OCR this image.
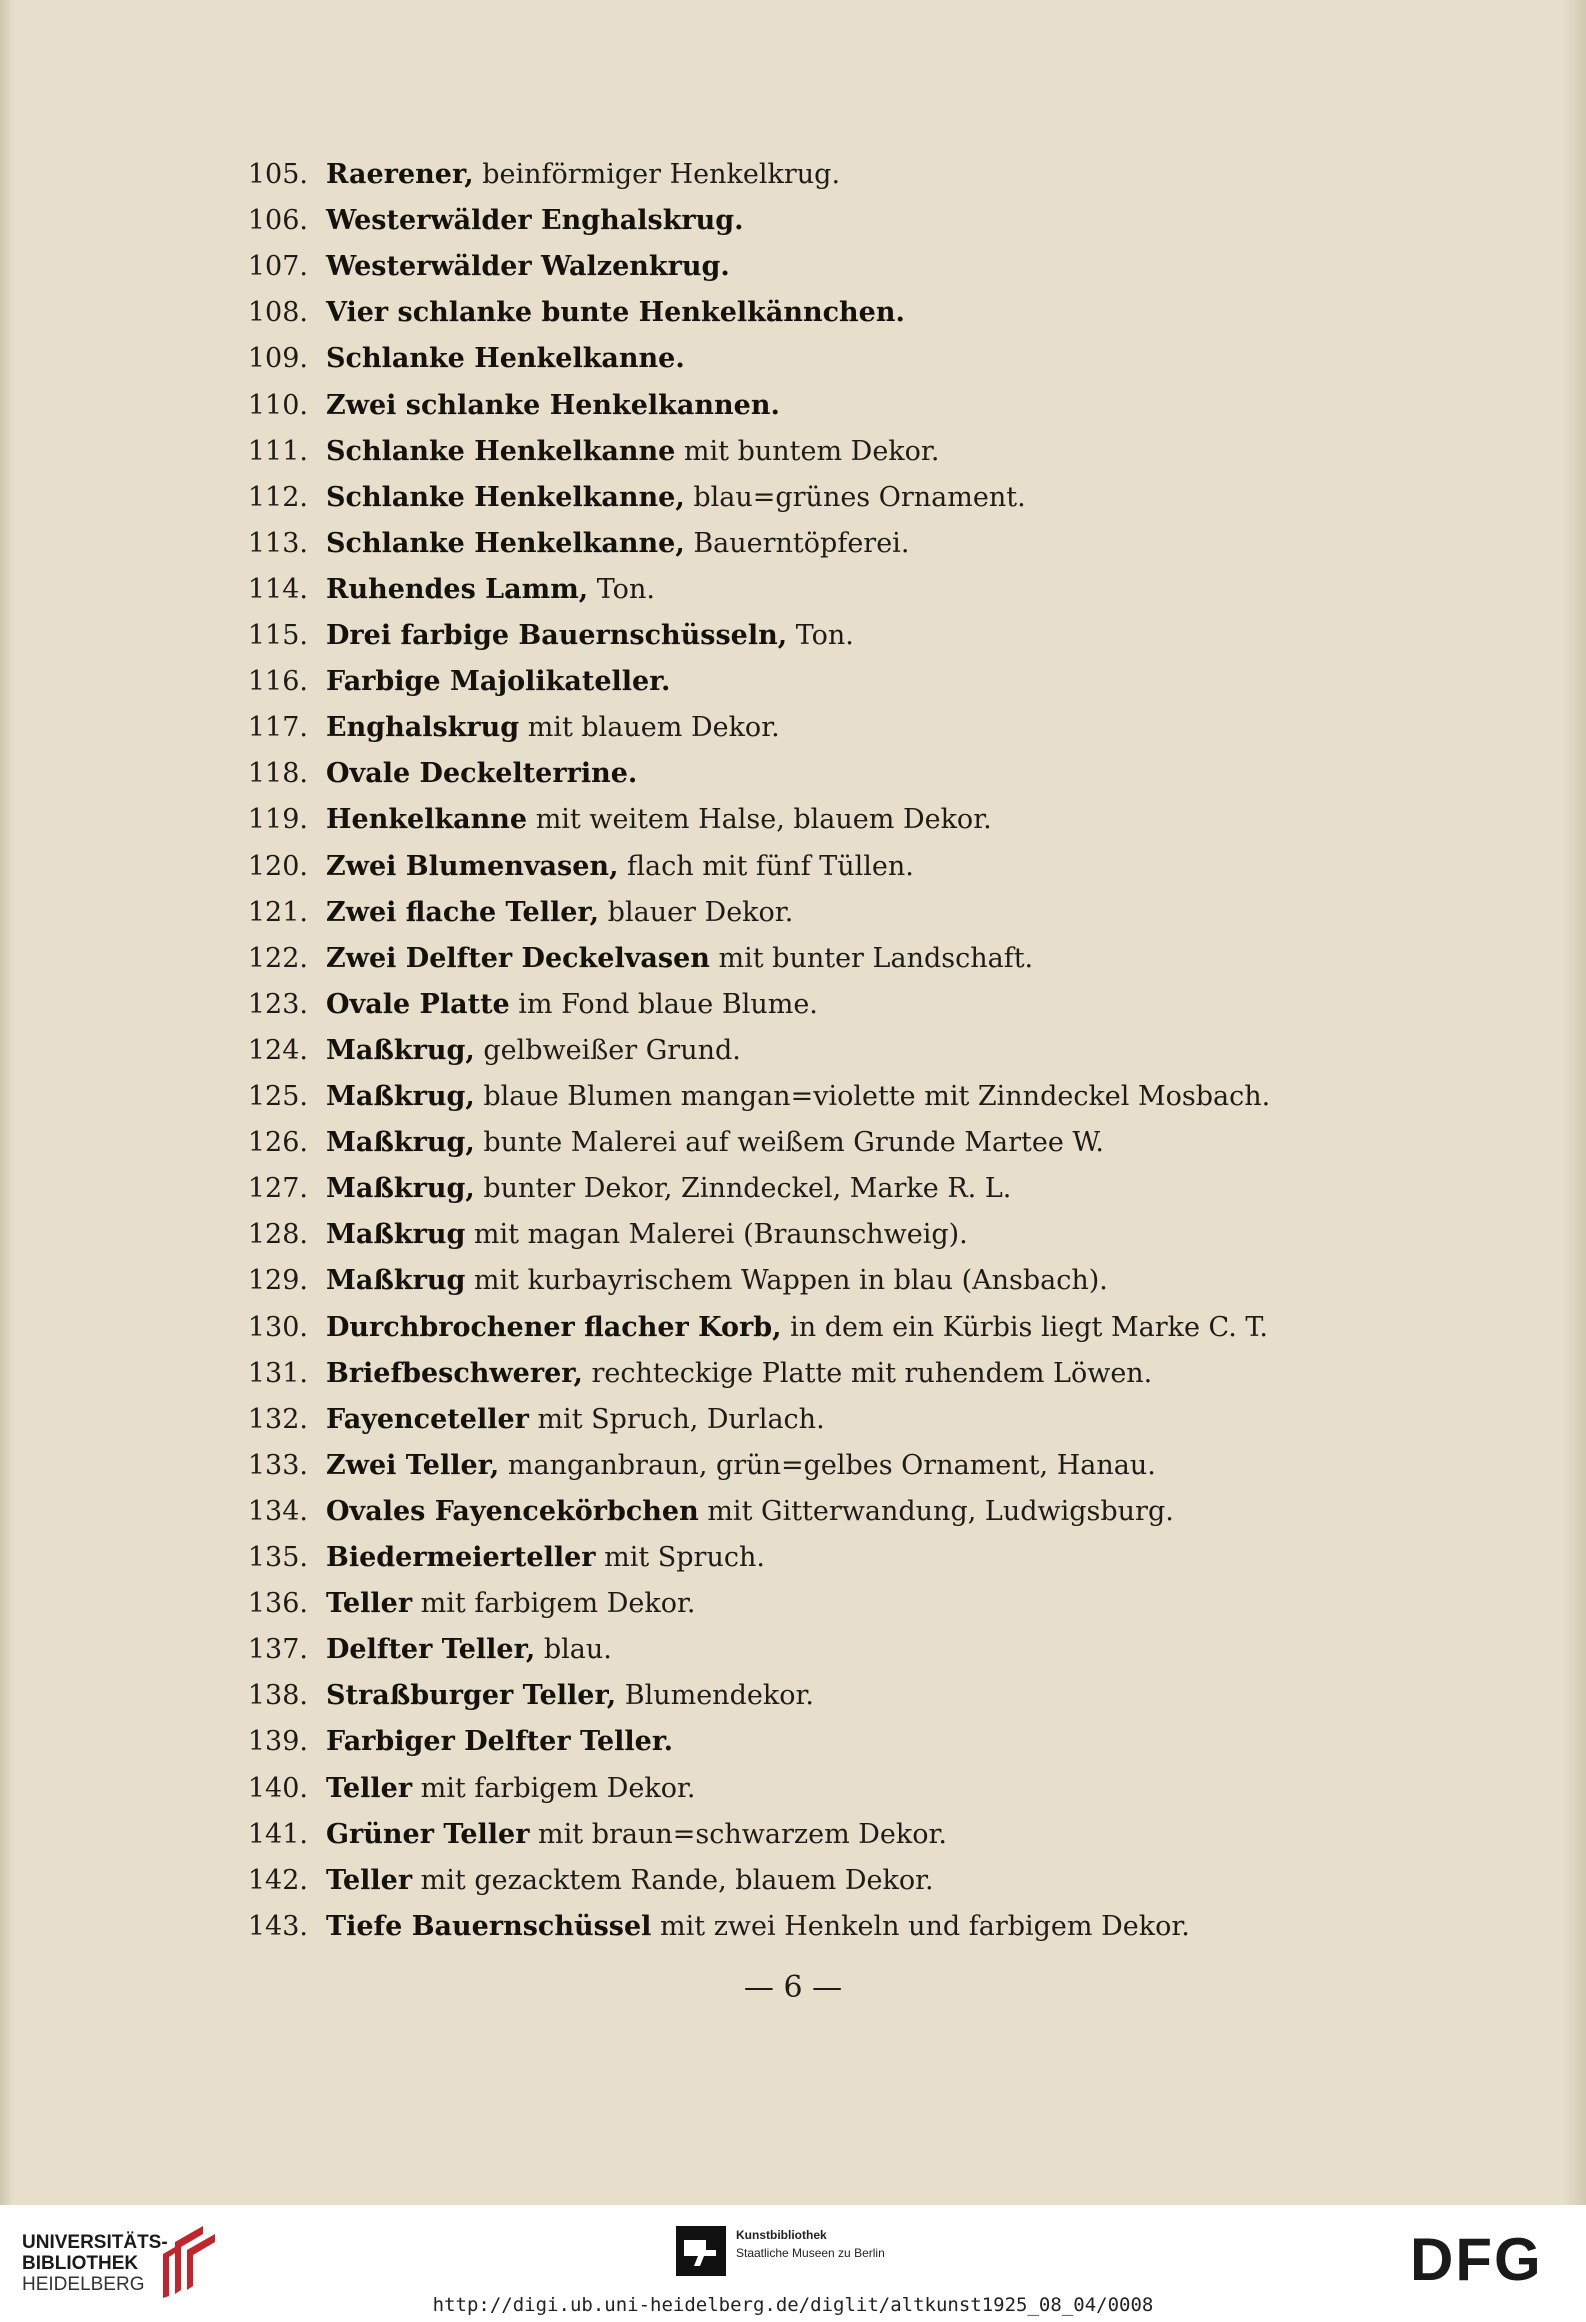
105. Raerener, beinförmiger Henkelkrug.
106. Westerwälder Enghalskrug.
107. Westerwälder Walzenkrug.
108. Vier schlanke bunte Henkelkännchen.
109. Schlanke Henkelkanne.
110. Zwei schlanke Henkelkannen.
111. Schlanke Henkelkanne mit buntem Dekor.
112. Schlanke Henkelkanne, blau=grünes Ornament.
113. Schlanke Henkelkanne, Bauerntöpferei.
114. Ruhendes Lamm, Ton.
115. Drei farbige Bauernschüsseln, Ton.
116. Farbige Majolikateller.
117. Enghalskrug mit blauem Dekor.
118. Ovale Deckelterrine.
119. Henkelkanne mit weitem Halse, blauem Dekor.
120. Zwei Blumenvasen, flach mit fünf Tüllen.
121. Zwei flache Teller, blauer Dekor.
122. Zwei Delfter Deckelvasen mit bunter Landschaft.
123. Ovale Platte im Fond blaue Blume.
124. Maßkrug, gelbweißer Grund.
125. Maßkrug, blaue Blumen mangan=violette mit Zinndeckel Mosbach.
126. Maßkrug, bunte Malerei auf weißem Grunde Martee W.
127. Maßkrug, bunter Dekor, Zinndeckel, Marke R. L.
128. Maßkrug mit magan Malerei (Braunschweig).
129. Maßkrug mit kurbayrischem Wappen in blau (Ansbach).
130. Durchbrochener flacher Korb, in dem ein Kürbis liegt Marke C. T.
131. Briefbeschwerer, rechteckige Platte mit ruhendem Löwen.
132. Fayenceteller mit Spruch, Durlach.
133. Zwei Teller, manganbraun, grün=gelbes Ornament, Hanau.
134. Ovales Fayencekörbchen mit Gitterwandung, Ludwigsburg.
135. Biedermeierteller mit Spruch.
136. Teller mit farbigem Dekor.
137. Delfter Teller, blau.
138. Straßburger Teller, Blumendekor.
139. Farbiger Delfter Teller.
140. Teller mit farbigem Dekor.
141. Grüner Teller mit braun=schwarzem Dekor.
142. Teller mit gezacktem Rande, blauem Dekor.
143. Tiefe Bauernschüssel mit zwei Henkeln und farbigem Dekor.
— 6 —
UNIVERSITÄTS-
BIBLIOTHEK
HEIDELBERG
Kunstbibliothek
Staatliche Museen zu Berlin	DFG
http://digi.ub.uni-heidelberg.de/diglit/altkunst1925_08_04/0008
